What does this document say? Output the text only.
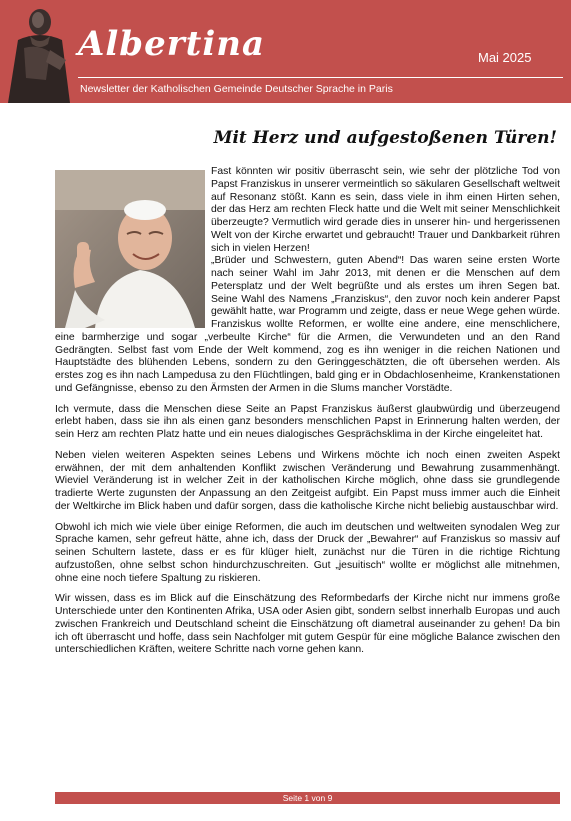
Albertina	Mai 2025
Newsletter der Katholischen Gemeinde Deutscher Sprache in Paris
Mit Herz und aufgestoßenen Türen!

Fast könnten wir positiv überrascht sein, wie sehr der plötzliche Tod von Papst Franziskus in unserer vermeintlich so säkularen Gesellschaft weltweit auf Resonanz stößt. Kann es sein, dass viele in ihm einen Hirten sehen, der das Herz am rechten Fleck hatte und die Welt mit seiner Menschlichkeit überzeugte? Vermutlich wird gerade dies in unserer hin- und hergerissenen Welt von der Kirche erwartet und gebraucht! Trauer und Dankbarkeit rühren sich in vielen Herzen!

„Brüder und Schwestern, guten Abend“! Das waren seine ersten Worte nach seiner Wahl im Jahr 2013, mit denen er die Menschen auf dem Petersplatz und der Welt begrüßte und als erstes um ihren Segen bat. Seine Wahl des Namens „Franziskus“, den zuvor noch kein anderer Papst gewählt hatte, war Programm und zeigte, dass er neue Wege gehen würde. Franziskus wollte Reformen, er wollte eine andere, eine menschlichere, eine barmherzige und sogar „verbeulte Kirche“ für die Armen, die Verwundeten und an den Rand Gedrängten. Selbst fast vom Ende der Welt kommend, zog es ihn weniger in die reichen Nationen und Hauptstädte des blühenden Lebens, sondern zu den Geringgeschätzten, die oft übersehen werden. Als erstes zog es ihn nach Lampedusa zu den Flüchtlingen, bald ging er in Obdachlosenheime, Krankenstationen und Gefängnisse, ebenso zu den Ärmsten der Armen in die Slums mancher Vorstädte.

Ich vermute, dass die Menschen diese Seite an Papst Franziskus äußerst glaubwürdig und überzeugend erlebt haben, dass sie ihn als einen ganz besonders menschlichen Papst in Erinnerung halten werden, der sein Herz am rechten Platz hatte und ein neues dialogisches Gesprächsklima in der Kirche eingeleitet hat.

Neben vielen weiteren Aspekten seines Lebens und Wirkens möchte ich noch einen zweiten Aspekt erwähnen, der mit dem anhaltenden Konflikt zwischen Veränderung und Bewahrung zusammenhängt. Wieviel Veränderung ist in welcher Zeit in der katholischen Kirche möglich, ohne dass sie grundlegende tradierte Werte zugunsten der Anpassung an den Zeitgeist aufgibt. Ein Papst muss immer auch die Einheit der Weltkirche im Blick haben und dafür sorgen, dass die katholische Kirche nicht beliebig austauschbar wird.

Obwohl ich mich wie viele über einige Reformen, die auch im deutschen und weltweiten synodalen Weg zur Sprache kamen, sehr gefreut hätte, ahne ich, dass der Druck der „Bewahrer“ auf Franziskus so massiv auf seinen Schultern lastete, dass er es für klüger hielt, zunächst nur die Türen in die richtige Richtung aufzustoßen, ohne selbst schon hindurchzuschreiten. Gut „jesuitisch“ wollte er möglichst alle mitnehmen, ohne eine noch tiefere Spaltung zu riskieren.

Wir wissen, dass es im Blick auf die Einschätzung des Reformbedarfs der Kirche nicht nur immens große Unterschiede unter den Kontinenten Afrika, USA oder Asien gibt, sondern selbst innerhalb Europas und auch zwischen Frankreich und Deutschland scheint die Einschätzung oft diametral auseinander zu gehen! Da bin ich oft überrascht und hoffe, dass sein Nachfolger mit gutem Gespür für eine mögliche Balance zwischen den unterschiedlichen Kräften, weitere Schritte nach vorne gehen kann.

Seite 1 von 9
